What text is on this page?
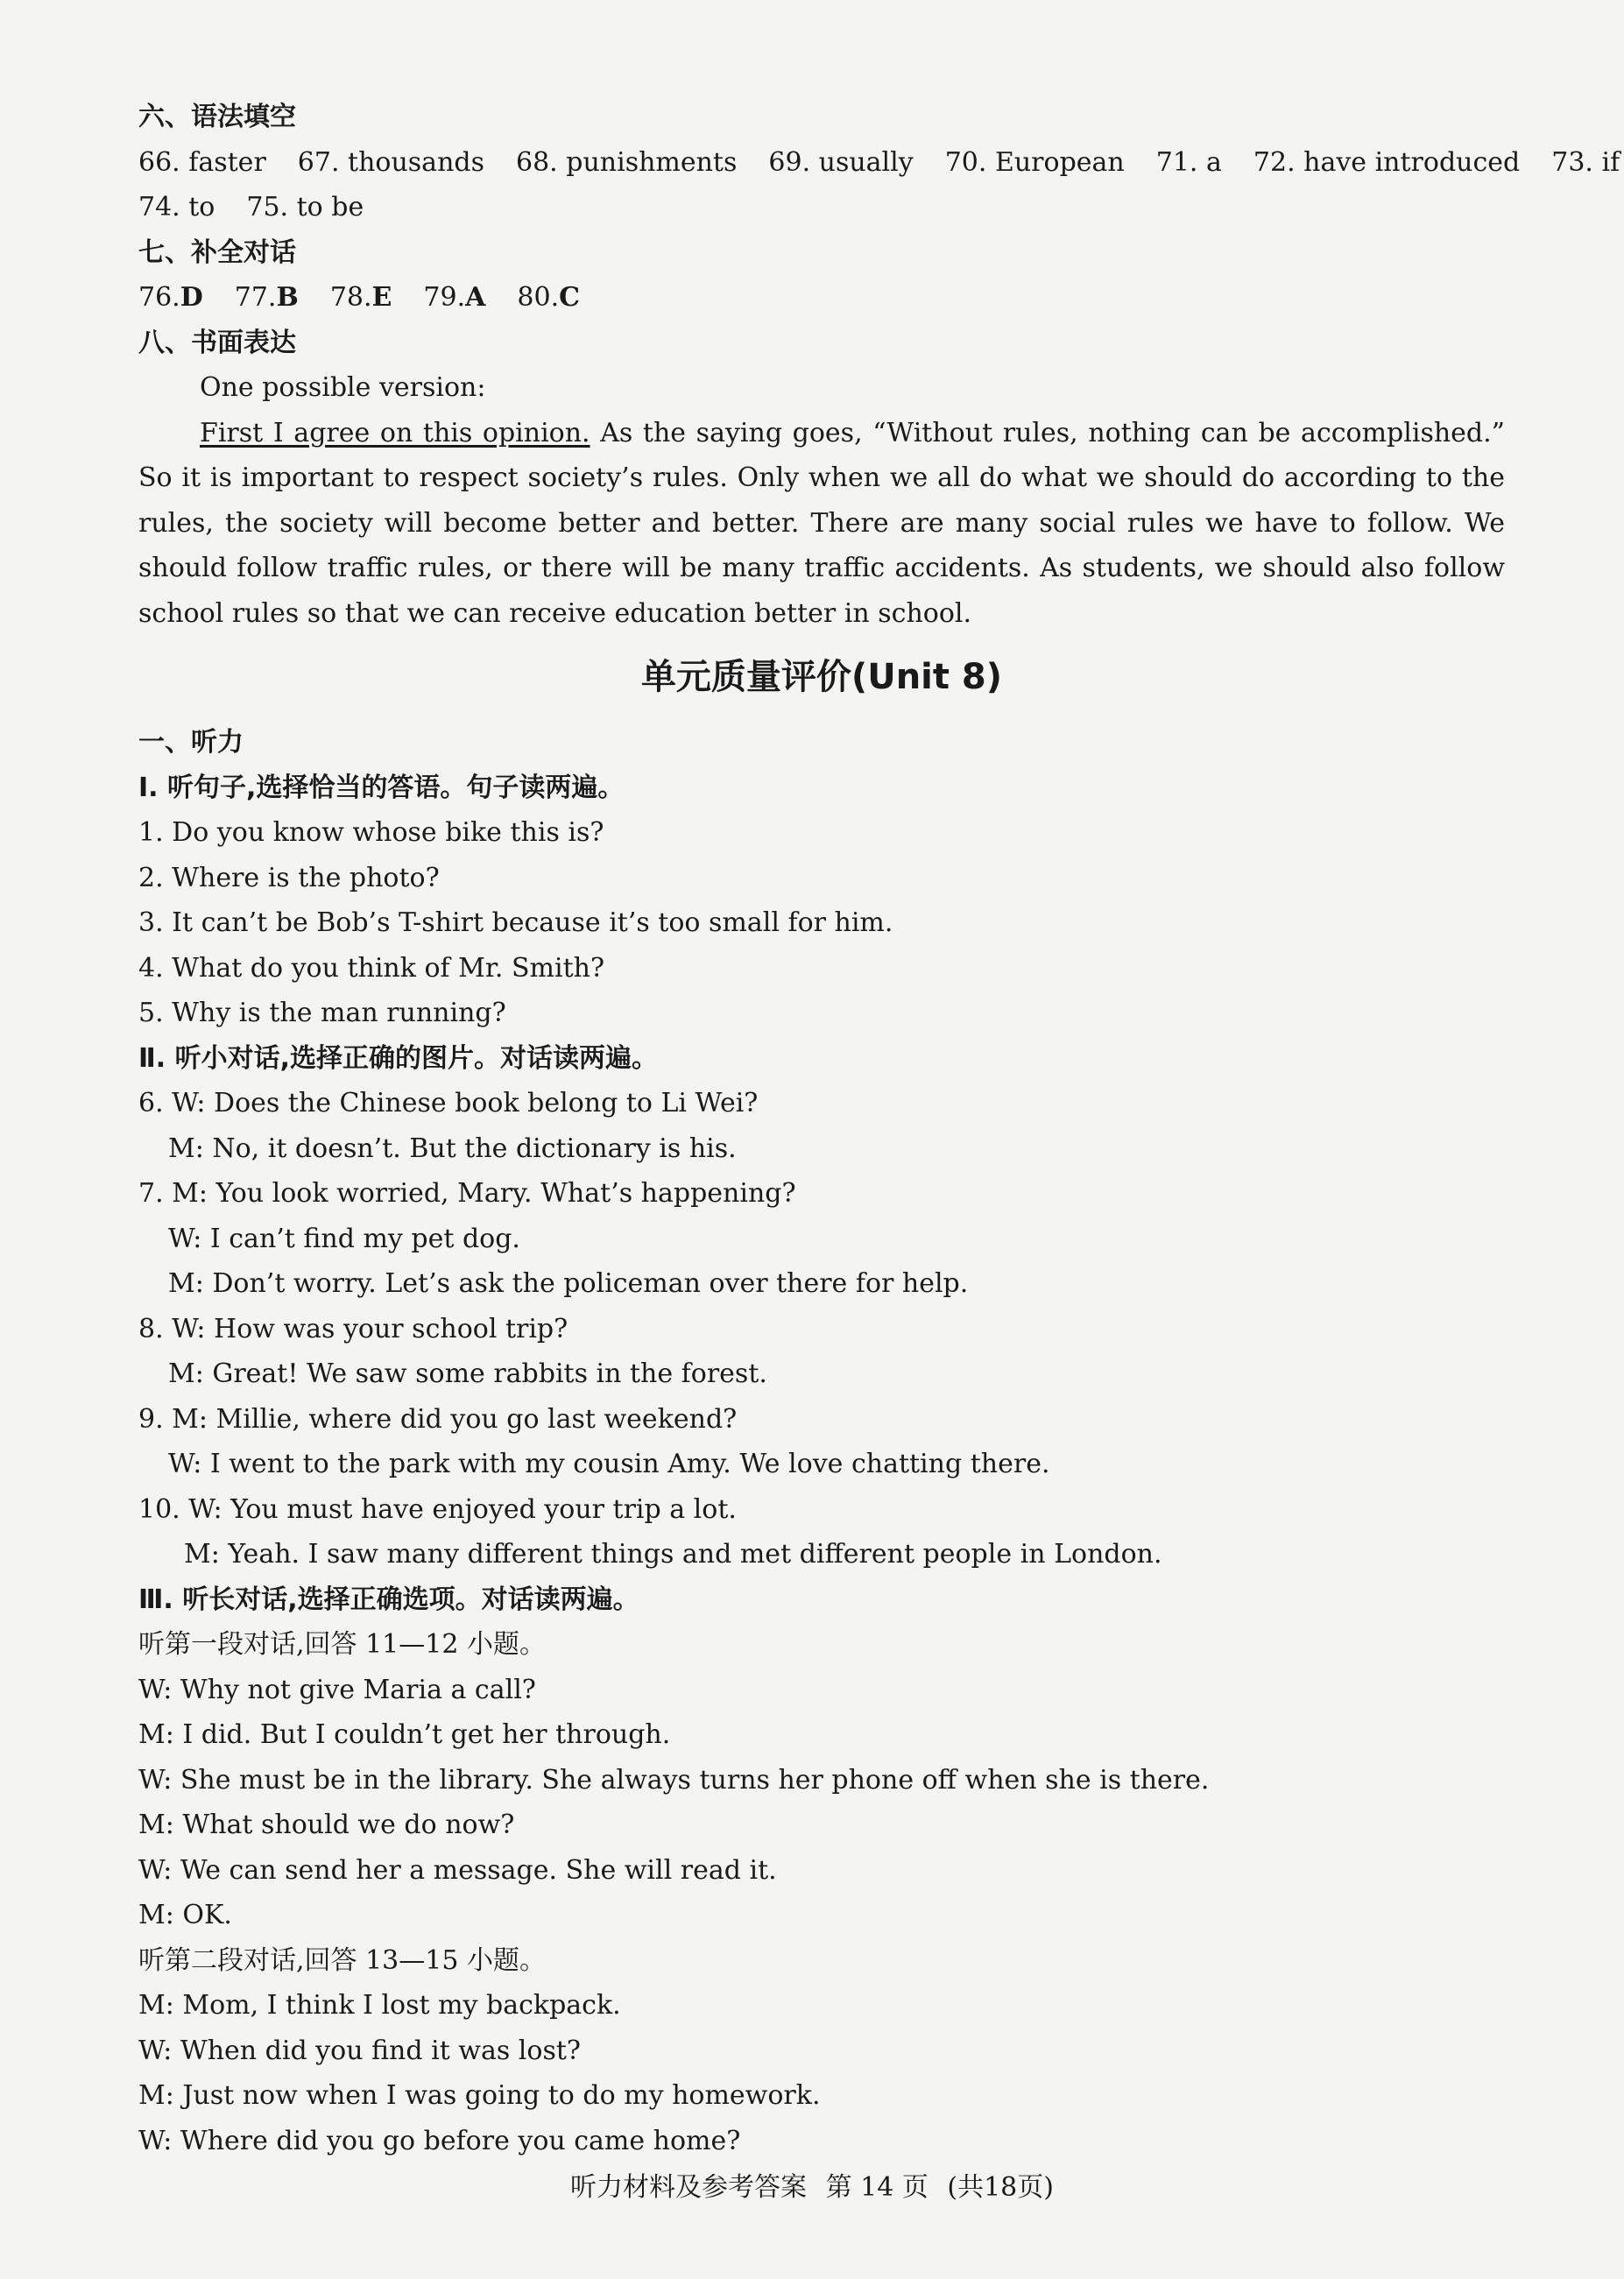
六、语法填空
66. faster 67. thousands 68. punishments 69. usually 70. European 71. a 72. have introduced 73. if
74. to 75. to be
七、补全对话
76.D 77.B 78.E 79.A 80.C
八、书面表达
One possible version:
First I agree on this opinion. As the saying goes, “Without rules, nothing can be accomplished.” So it is important to respect society’s rules. Only when we all do what we should do according to the rules, the society will become better and better. There are many social rules we have to follow. We should follow traffic rules, or there will be many traffic accidents. As students, we should also follow school rules so that we can receive education better in school.
单元质量评价(Unit 8)
一、听力
Ⅰ. 听句子,选择恰当的答语。句子读两遍。
1. Do you know whose bike this is?
2. Where is the photo?
3. It can’t be Bob’s T-shirt because it’s too small for him.
4. What do you think of Mr. Smith?
5. Why is the man running?
Ⅱ. 听小对话,选择正确的图片。对话读两遍。
6. W: Does the Chinese book belong to Li Wei?
M: No, it doesn’t. But the dictionary is his.
7. M: You look worried, Mary. What’s happening?
W: I can’t find my pet dog.
M: Don’t worry. Let’s ask the policeman over there for help.
8. W: How was your school trip?
M: Great! We saw some rabbits in the forest.
9. M: Millie, where did you go last weekend?
W: I went to the park with my cousin Amy. We love chatting there.
10. W: You must have enjoyed your trip a lot.
M: Yeah. I saw many different things and met different people in London.
Ⅲ. 听长对话,选择正确选项。对话读两遍。
听第一段对话,回答 11—12 小题。
W: Why not give Maria a call?
M: I did. But I couldn’t get her through.
W: She must be in the library. She always turns her phone off when she is there.
M: What should we do now?
W: We can send her a message. She will read it.
M: OK.
听第二段对话,回答 13—15 小题。
M: Mom, I think I lost my backpack.
W: When did you find it was lost?
M: Just now when I was going to do my homework.
W: Where did you go before you came home?
听力材料及参考答案 第 14 页 (共18页)
